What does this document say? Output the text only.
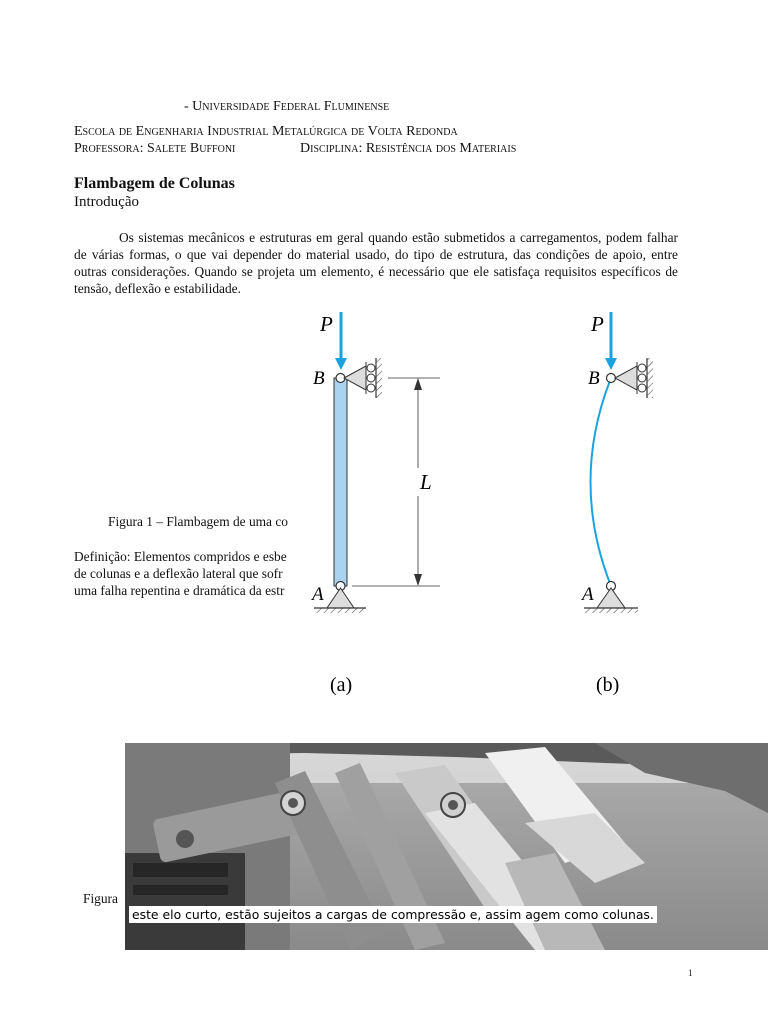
- Universidade Federal Fluminense
Escola de Engenharia Industrial Metalúrgica de Volta Redonda
Professora: Salete Buffoni	Disciplina: Resistência dos Materiais
Flambagem de Colunas
Introdução
Os sistemas mecânicos e estruturas em geral quando estão submetidos a carregamentos, podem falhar de várias formas, o que vai depender do material usado, do tipo de estrutura, das condições de apoio, entre outras considerações. Quando se projeta um elemento, é necessário que ele satisfaça requisitos específicos de tensão, deflexão e estabilidade.
Figura 1 – Flambagem de uma co
Definição: Elementos compridos e esbe
de colunas e a deflexão lateral que sofr
uma falha repentina e dramática da estr
P
B
A
L
(a)
P
B
A
(b)
Figura
este elo curto, estão sujeitos a cargas de compressão e, assim agem como colunas.
1
